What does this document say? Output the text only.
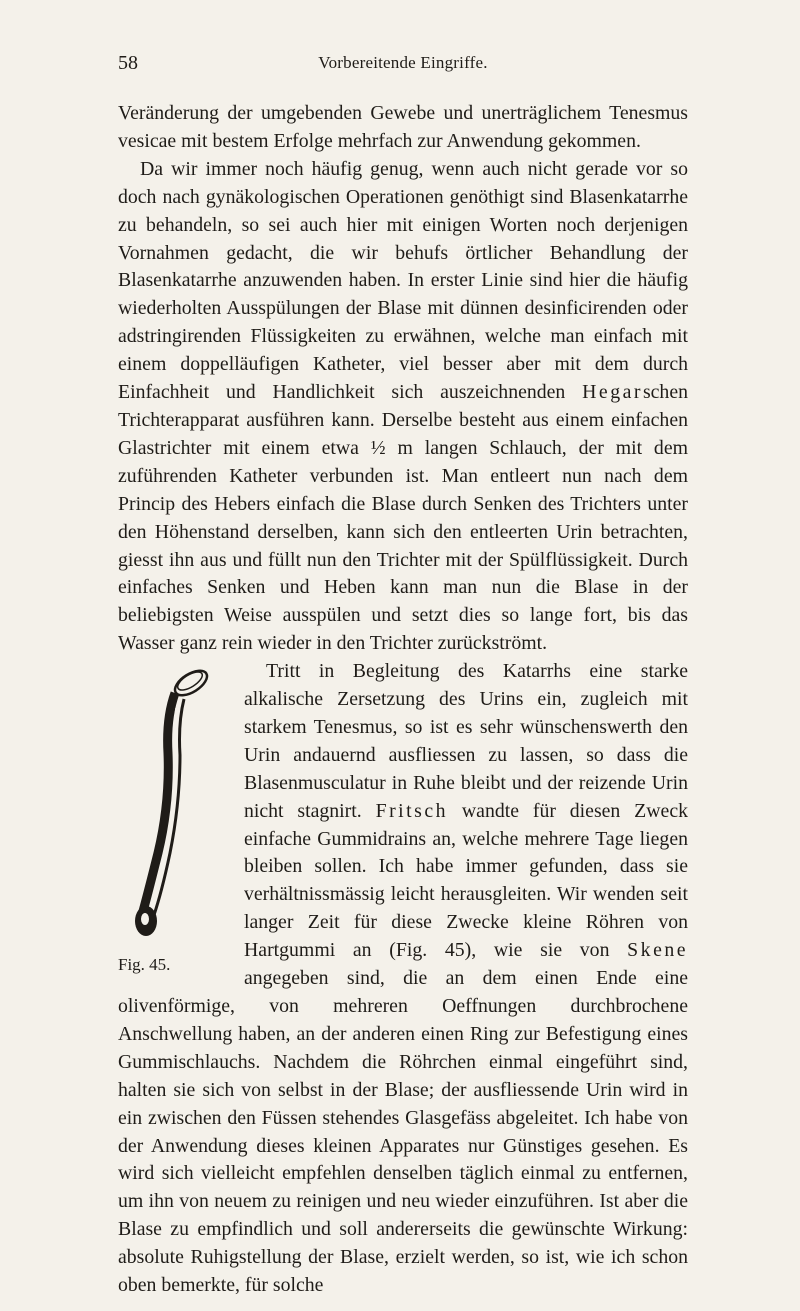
58	Vorbereitende Eingriffe.

Veränderung der umgebenden Gewebe und unerträglichem Tenesmus vesicae mit bestem Erfolge mehrfach zur Anwendung gekommen.

Da wir immer noch häufig genug, wenn auch nicht gerade vor so doch nach gynäkologischen Operationen genöthigt sind Blasenkatarrhe zu behandeln, so sei auch hier mit einigen Worten noch derjenigen Vornahmen gedacht, die wir behufs örtlicher Behandlung der Blasenkatarrhe anzuwenden haben. In erster Linie sind hier die häufig wiederholten Ausspülungen der Blase mit dünnen desinficirenden oder adstringirenden Flüssigkeiten zu erwähnen, welche man einfach mit einem doppelläufigen Katheter, viel besser aber mit dem durch Einfachheit und Handlichkeit sich auszeichnenden Hegarschen Trichterapparat ausführen kann. Derselbe besteht aus einem einfachen Glastrichter mit einem etwa ½ m langen Schlauch, der mit dem zuführenden Katheter verbunden ist. Man entleert nun nach dem Princip des Hebers einfach die Blase durch Senken des Trichters unter den Höhenstand derselben, kann sich den entleerten Urin betrachten, giesst ihn aus und füllt nun den Trichter mit der Spülflüssigkeit. Durch einfaches Senken und Heben kann man nun die Blase in der beliebigsten Weise ausspülen und setzt dies so lange fort, bis das Wasser ganz rein wieder in den Trichter zurückströmt.

Fig. 45.

Tritt in Begleitung des Katarrhs eine starke alkalische Zersetzung des Urins ein, zugleich mit starkem Tenesmus, so ist es sehr wünschenswerth den Urin andauernd ausfliessen zu lassen, so dass die Blasenmusculatur in Ruhe bleibt und der reizende Urin nicht stagnirt. Fritsch wandte für diesen Zweck einfache Gummidrains an, welche mehrere Tage liegen bleiben sollen. Ich habe immer gefunden, dass sie verhältnissmässig leicht herausgleiten. Wir wenden seit langer Zeit für diese Zwecke kleine Röhren von Hartgummi an (Fig. 45), wie sie von Skene angegeben sind, die an dem einen Ende eine olivenförmige, von mehreren Oeffnungen durchbrochene Anschwellung haben, an der anderen einen Ring zur Befestigung eines Gummischlauchs. Nachdem die Röhrchen einmal eingeführt sind, halten sie sich von selbst in der Blase; der ausfliessende Urin wird in ein zwischen den Füssen stehendes Glasgefäss abgeleitet. Ich habe von der Anwendung dieses kleinen Apparates nur Günstiges gesehen. Es wird sich vielleicht empfehlen denselben täglich einmal zu entfernen, um ihn von neuem zu reinigen und neu wieder einzuführen. Ist aber die Blase zu empfindlich und soll andererseits die gewünschte Wirkung: absolute Ruhigstellung der Blase, erzielt werden, so ist, wie ich schon oben bemerkte, für solche
